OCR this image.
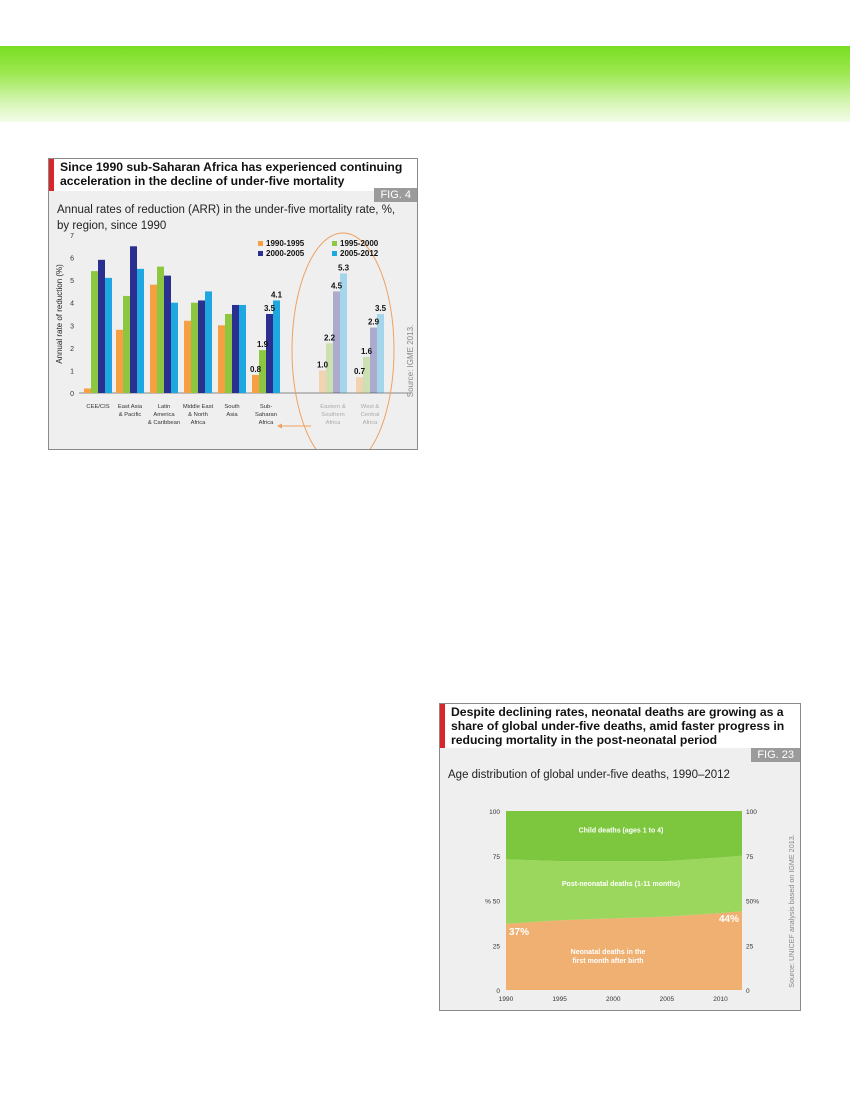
Since 1990 sub-Saharan Africa has experienced continuing acceleration in the decline of under-five mortality
FIG. 4
Annual rates of reduction (ARR) in the under-five mortality rate, %,
by region, since 1990
0
1
2
3
4
5
6
7
Annual rate of reduction (%)
CEE/CIS East Asia
& Pacific
Latin
America
& Caribbean
Middle East
& North
Africa
South
Asia
0.8
1.9
3.5
4.1
Sub-
Saharan
Africa
1.0
2.2
4.5
5.3
Eastern &
Southern
Africa
0.7
1.6
2.9
3.5
West &
Central
Africa
1990-1995	1995-2000
2000-2005	2005-2012
Source: IGME 2013.
Despite declining rates, neonatal deaths are growing as a share of global under-five deaths, amid faster progress in reducing mortality in the post-neonatal period
FIG. 23
Age distribution of global under-five deaths, 1990–2012
0	0
25	25
% 50	50%
75	75
100	100
1990	1995	2000	2005	2010
Child deaths (ages 1 to 4)
Post-neonatal deaths (1-11 months)
Neonatal deaths in the
first month after birth
37%
44%	Source: UNICEF analysis based on IGME 2013.
